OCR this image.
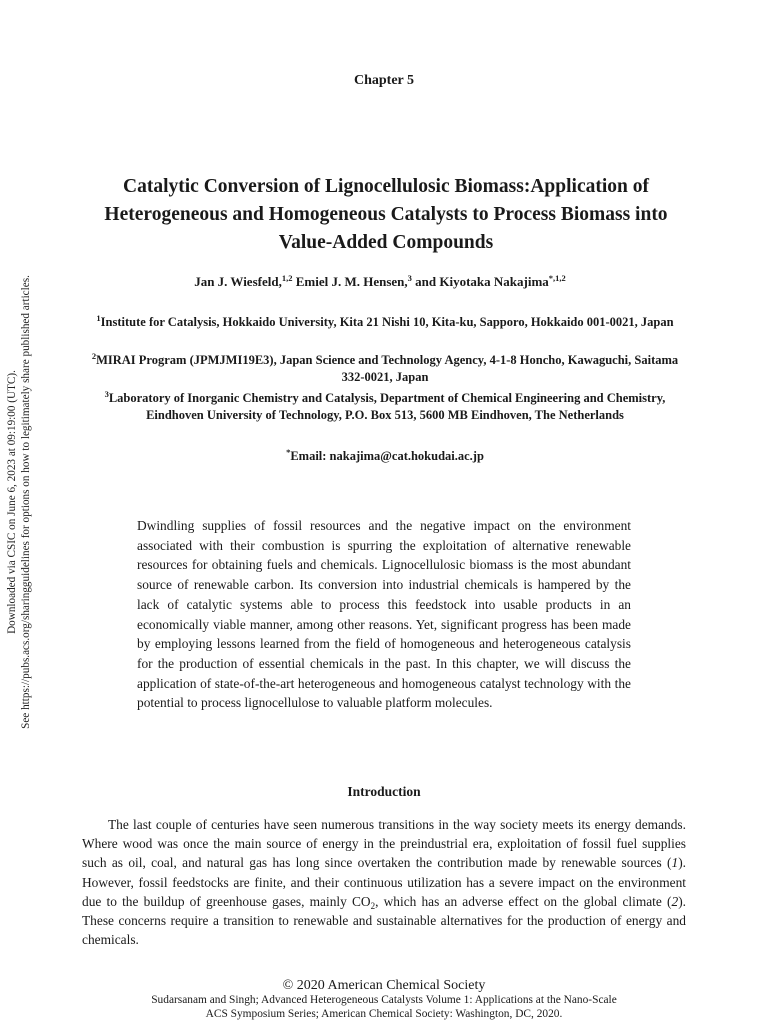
Downloaded via CSIC on June 6, 2023 at 09:19:00 (UTC). See https://pubs.acs.org/sharingguidelines for options on how to legitimately share published articles.
Chapter 5
Catalytic Conversion of Lignocellulosic Biomass:Application of Heterogeneous and Homogeneous Catalysts to Process Biomass into Value-Added Compounds
Jan J. Wiesfeld,$^{1,2}$ Emiel J. M. Hensen,$^3$ and Kiyotaka Nakajima$^{*,1,2}$
$^1$Institute for Catalysis, Hokkaido University, Kita 21 Nishi 10, Kita-ku, Sapporo, Hokkaido 001-0021, Japan
$^2$MIRAI Program (JPMJMI19E3), Japan Science and Technology Agency, 4-1-8 Honcho, Kawaguchi, Saitama 332-0021, Japan
$^3$Laboratory of Inorganic Chemistry and Catalysis, Department of Chemical Engineering and Chemistry, Eindhoven University of Technology, P.O. Box 513, 5600 MB Eindhoven, The Netherlands
*Email: nakajima@cat.hokudai.ac.jp
Dwindling supplies of fossil resources and the negative impact on the environment associated with their combustion is spurring the exploitation of alternative renewable resources for obtaining fuels and chemicals. Lignocellulosic biomass is the most abundant source of renewable carbon. Its conversion into industrial chemicals is hampered by the lack of catalytic systems able to process this feedstock into usable products in an economically viable manner, among other reasons. Yet, significant progress has been made by employing lessons learned from the field of homogeneous and heterogeneous catalysis for the production of essential chemicals in the past. In this chapter, we will discuss the application of state-of-the-art heterogeneous and homogeneous catalyst technology with the potential to process lignocellulose to valuable platform molecules.
Introduction

The last couple of centuries have seen numerous transitions in the way society meets its energy demands. Where wood was once the main source of energy in the preindustrial era, exploitation of fossil fuel supplies such as oil, coal, and natural gas has long since overtaken the contribution made by renewable sources (1). However, fossil feedstocks are finite, and their continuous utilization has a severe impact on the environment due to the buildup of greenhouse gases, mainly $CO_2$, which has an adverse effect on the global climate (2). These concerns require a transition to renewable and sustainable alternatives for the production of energy and chemicals.

© 2020 American Chemical Society
Sudarsanam and Singh; Advanced Heterogeneous Catalysts Volume 1: Applications at the Nano-Scale
ACS Symposium Series; American Chemical Society: Washington, DC, 2020.
